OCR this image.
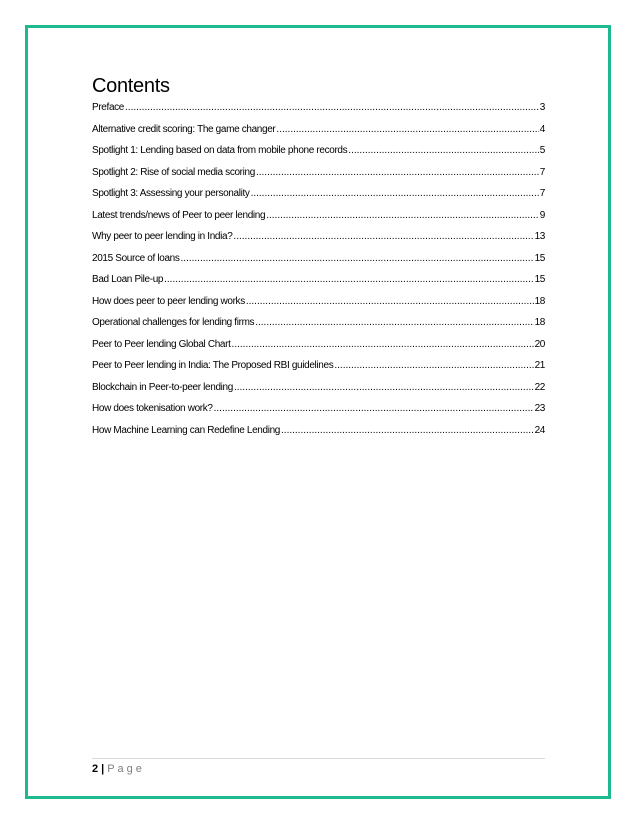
Contents
Preface .....	3
Alternative credit scoring: The game changer .....	4
Spotlight 1: Lending based on data from mobile phone records .....	5
Spotlight 2: Rise of social media scoring .....	7
Spotlight 3: Assessing your personality .....	7
Latest trends/news of Peer to peer lending .....	9
Why peer to peer lending in India? .....	13
2015 Source of loans .....	15
Bad Loan Pile-up .....	15
How does peer to peer lending works .....	18
Operational challenges for lending firms .....	18
Peer to Peer lending Global Chart .....	20
Peer to Peer lending in India: The Proposed RBI guidelines .....	21
Blockchain in Peer-to-peer lending .....	22
How does tokenisation work? .....	23
How Machine Learning can Redefine Lending .....	24
2 | Page
